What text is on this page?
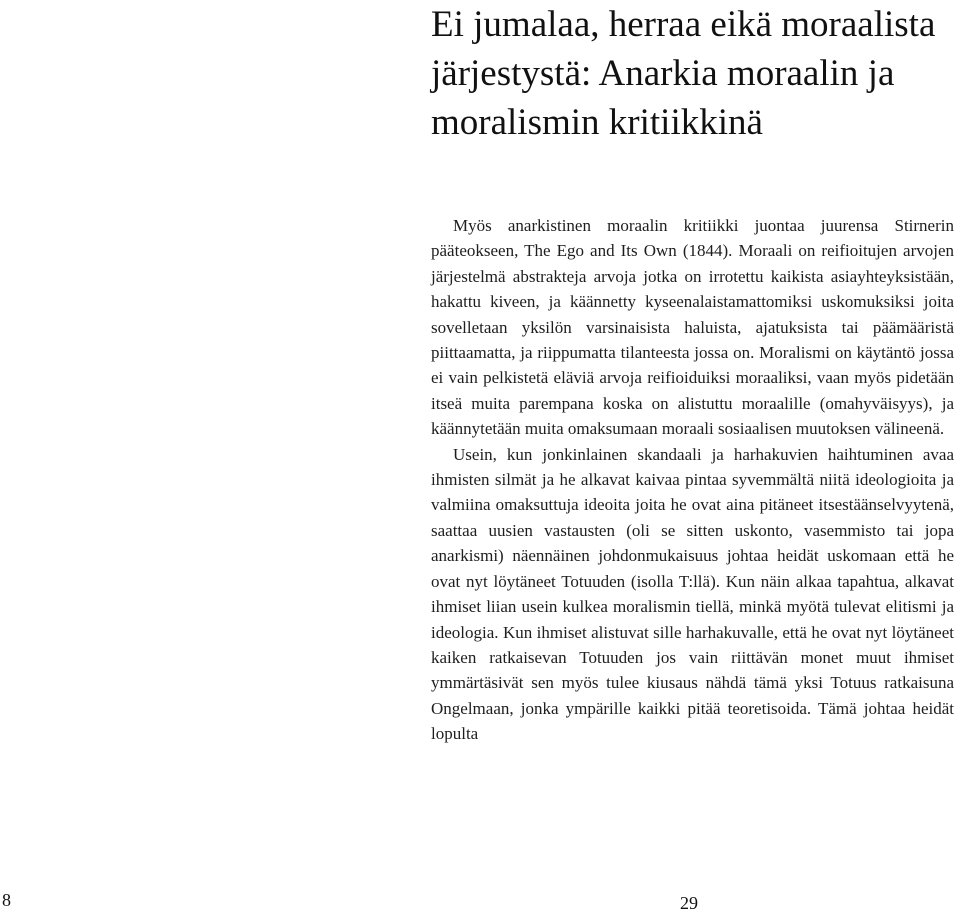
Ei jumalaa, herraa eikä moraalista järjestystä: Anarkia moraalin ja moralismin kritiikkinä

Myös anarkistinen moraalin kritiikki juontaa juurensa Stirnerin pääteokseen, The Ego and Its Own (1844). Moraali on reifioitujen arvojen järjestelmä abstrakteja arvoja jotka on irrotettu kaikista asiayhteyksistään, hakattu kiveen, ja käännetty kyseenalaistamattomiksi uskomuksiksi joita sovelletaan yksilön varsinaisista haluista, ajatuksista tai päämääristä piittaamatta, ja riippumatta tilanteesta jossa on. Moralismi on käytäntö jossa ei vain pelkistetä eläviä arvoja reifioiduiksi moraaliksi, vaan myös pidetään itseä muita parempana koska on alistuttu moraalille (omahyväisyys), ja käännytetään muita omaksumaan moraali sosiaalisen muutoksen välineenä.

Usein, kun jonkinlainen skandaali ja harhakuvien haihtuminen avaa ihmisten silmät ja he alkavat kaivaa pintaa syvemmältä niitä ideologioita ja valmiina omaksuttuja ideoita joita he ovat aina pitäneet itsestäänselvyytenä, saattaa uusien vastausten (oli se sitten uskonto, vasemmisto tai jopa anarkismi) näennäinen johdonmukaisuus johtaa heidät uskomaan että he ovat nyt löytäneet Totuuden (isolla T:llä). Kun näin alkaa tapahtua, alkavat ihmiset liian usein kulkea moralismin tiellä, minkä myötä tulevat elitismi ja ideologia. Kun ihmiset alistuvat sille harhakuvalle, että he ovat nyt löytäneet kaiken ratkaisevan Totuuden jos vain riittävän monet muut ihmiset ymmärtäsivät sen myös tulee kiusaus nähdä tämä yksi Totuus ratkaisuna Ongelmaan, jonka ympärille kaikki pitää teoretisoida. Tämä johtaa heidät lopulta

8	29
